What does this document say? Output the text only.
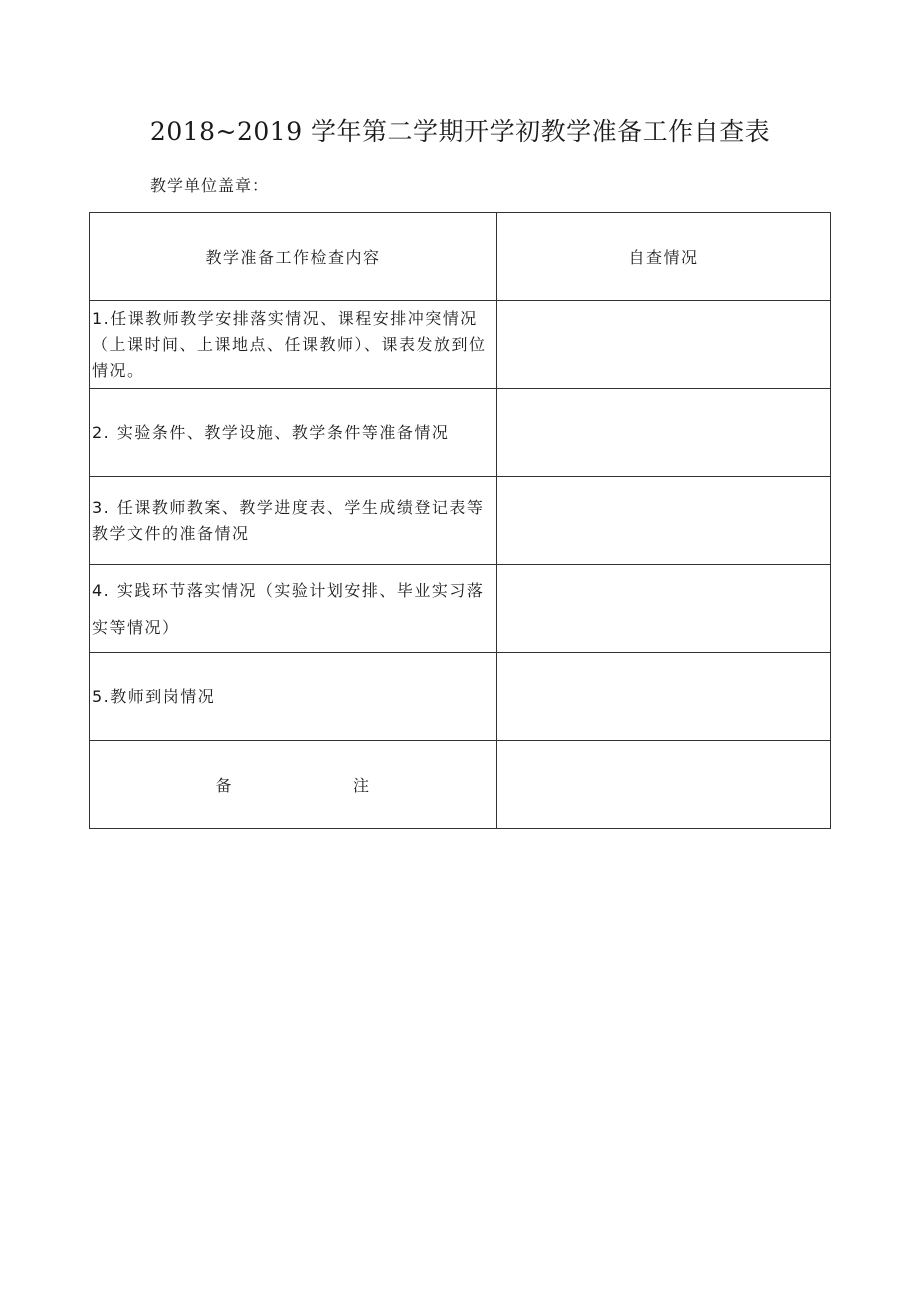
2018~2019 学年第二学期开学初教学准备工作自查表
教学单位盖章：
教学准备工作检查内容	自查情况
1.任课教师教学安排落实情况、课程安排冲突情况（上课时间、上课地点、任课教师）、课表发放到位情况。	
2. 实验条件、教学设施、教学条件等准备情况	
3. 任课教师教案、教学进度表、学生成绩登记表等教学文件的准备情况	
4. 实践环节落实情况（实验计划安排、毕业实习落实等情况）	
5.教师到岗情况	
备 注	
